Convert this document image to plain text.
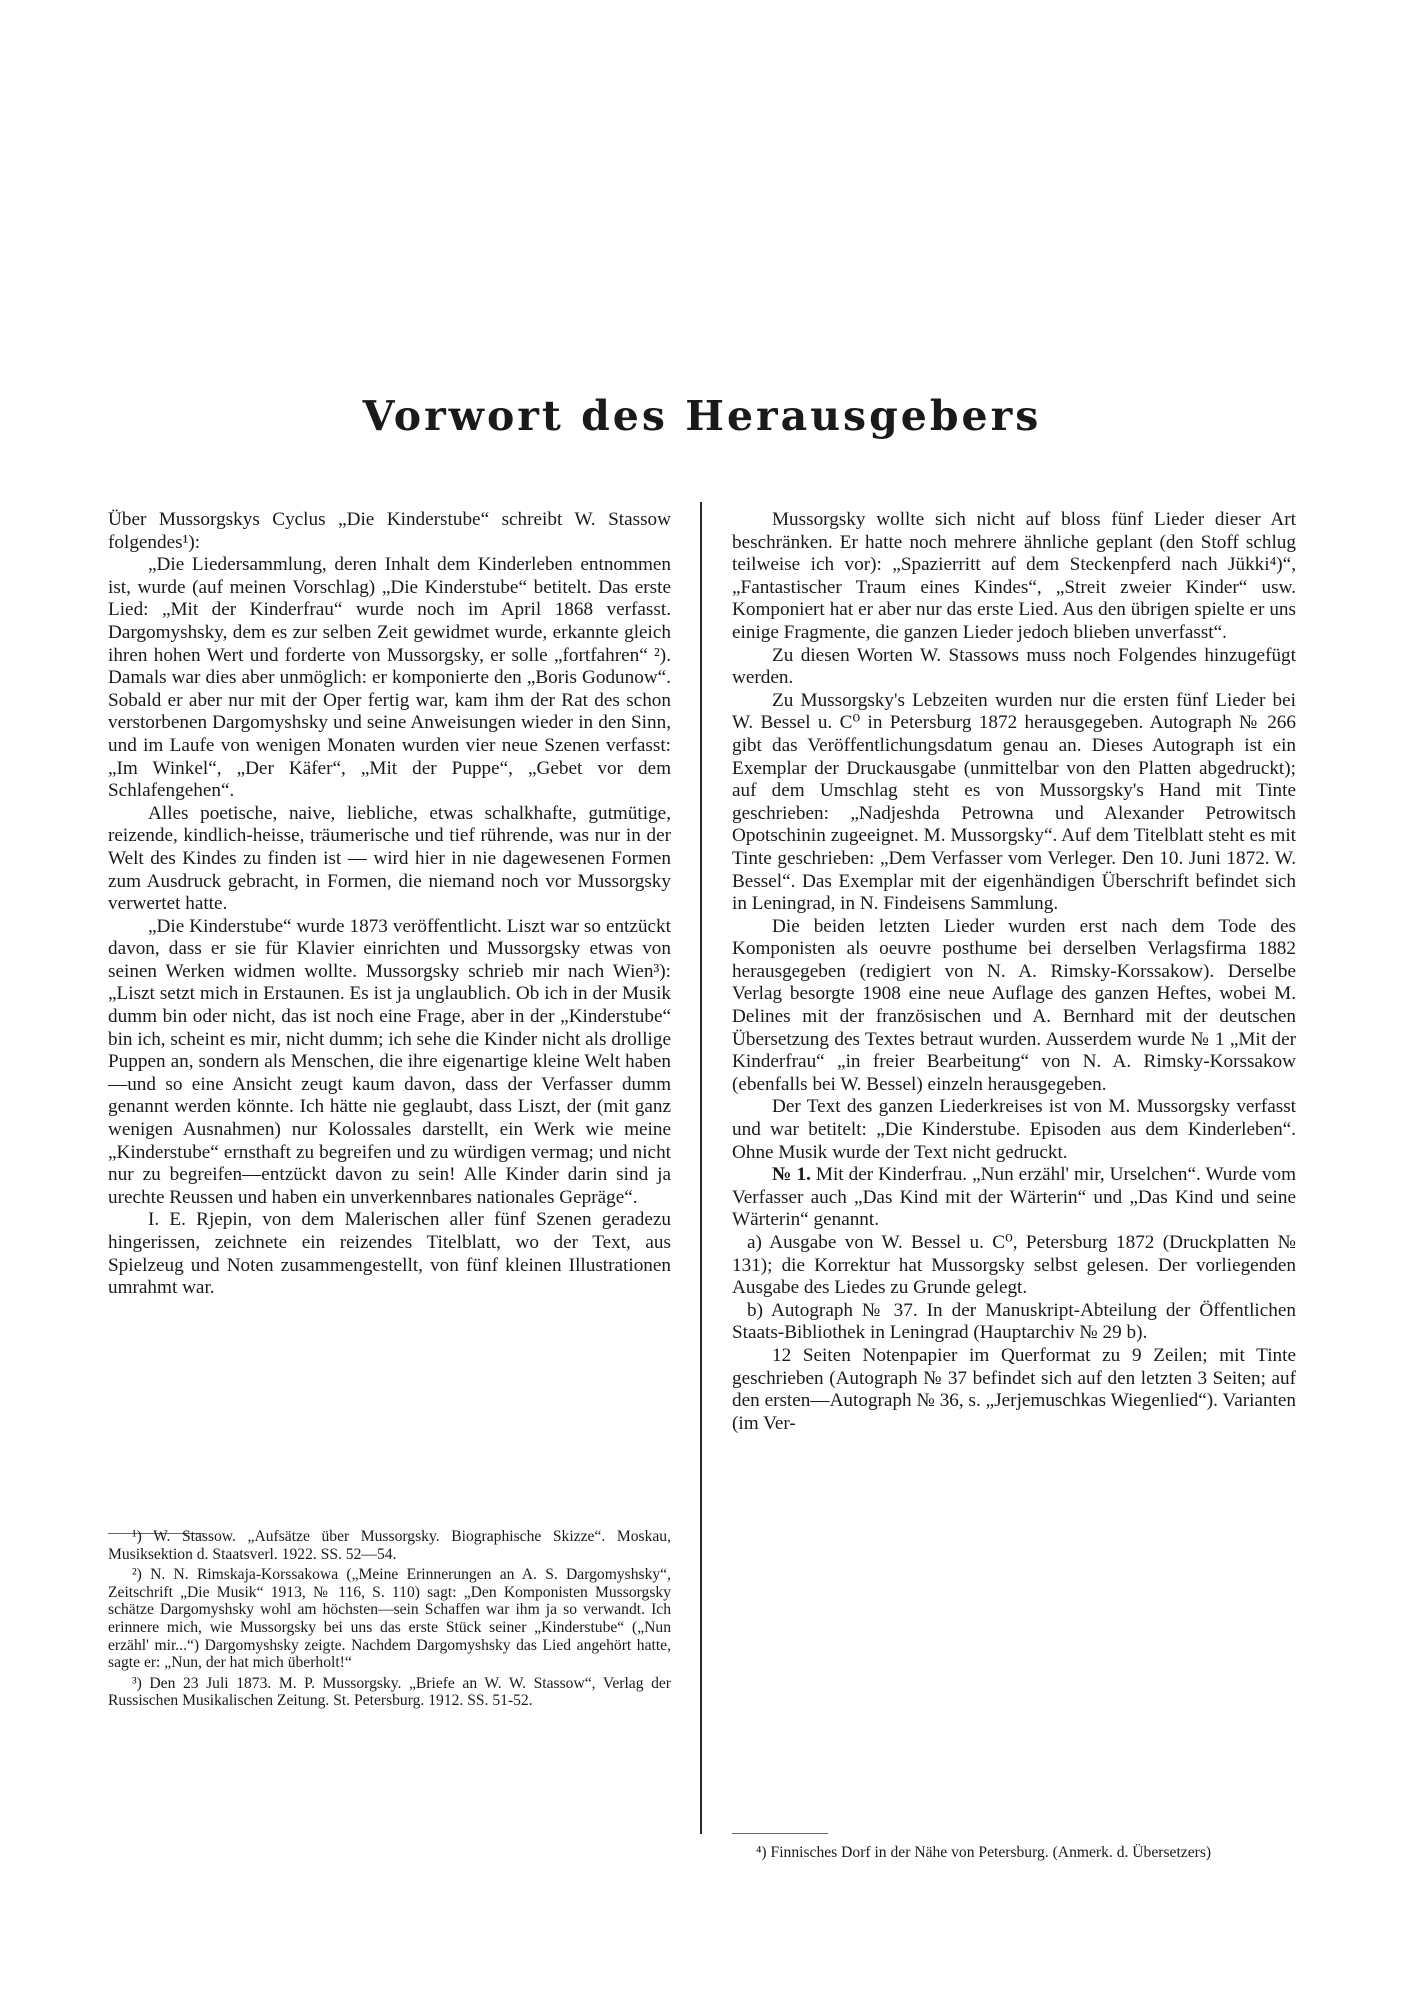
Vorwort des Herausgebers

Über Mussorgskys Cyclus „Die Kinderstube“ schreibt W. Stassow folgendes¹):

„Die Liedersammlung, deren Inhalt dem Kinderleben entnommen ist, wurde (auf meinen Vorschlag) „Die Kinderstube“ betitelt. Das erste Lied: „Mit der Kinderfrau“ wurde noch im April 1868 verfasst. Dargomyshsky, dem es zur selben Zeit gewidmet wurde, erkannte gleich ihren hohen Wert und forderte von Mussorgsky, er solle „fortfahren“ ²). Damals war dies aber unmöglich: er komponierte den „Boris Godunow“. Sobald er aber nur mit der Oper fertig war, kam ihm der Rat des schon verstorbenen Dargomyshsky und seine Anweisungen wieder in den Sinn, und im Laufe von wenigen Monaten wurden vier neue Szenen verfasst: „Im Winkel“, „Der Käfer“, „Mit der Puppe“, „Gebet vor dem Schlafengehen“.

Alles poetische, naive, liebliche, etwas schalkhafte, gutmütige, reizende, kindlich-heisse, träumerische und tief rührende, was nur in der Welt des Kindes zu finden ist — wird hier in nie dagewesenen Formen zum Ausdruck gebracht, in Formen, die niemand noch vor Mussorgsky verwertet hatte.

„Die Kinderstube“ wurde 1873 veröffentlicht. Liszt war so entzückt davon, dass er sie für Klavier einrichten und Mussorgsky etwas von seinen Werken widmen wollte. Mussorgsky schrieb mir nach Wien³): „Liszt setzt mich in Erstaunen. Es ist ja unglaublich. Ob ich in der Musik dumm bin oder nicht, das ist noch eine Frage, aber in der „Kinderstube“ bin ich, scheint es mir, nicht dumm; ich sehe die Kinder nicht als drollige Puppen an, sondern als Menschen, die ihre eigenartige kleine Welt haben—und so eine Ansicht zeugt kaum davon, dass der Verfasser dumm genannt werden könnte. Ich hätte nie geglaubt, dass Liszt, der (mit ganz wenigen Ausnahmen) nur Kolossales darstellt, ein Werk wie meine „Kinderstube“ ernsthaft zu begreifen und zu würdigen vermag; und nicht nur zu begreifen—entzückt davon zu sein! Alle Kinder darin sind ja urechte Reussen und haben ein unverkennbares nationales Gepräge“.

I. E. Rjepin, von dem Malerischen aller fünf Szenen geradezu hingerissen, zeichnete ein reizendes Titelblatt, wo der Text, aus Spielzeug und Noten zusammengestellt, von fünf kleinen Illustrationen umrahmt war.

¹) W. Stassow. „Aufsätze über Mussorgsky. Biographische Skizze“. Moskau, Musiksektion d. Staatsverl. 1922. SS. 52—54.

²) N. N. Rimskaja-Korssakowa („Meine Erinnerungen an A. S. Dargomyshsky“, Zeitschrift „Die Musik“ 1913, № 116, S. 110) sagt: „Den Komponisten Mussorgsky schätze Dargomyshsky wohl am höchsten—sein Schaffen war ihm ja so verwandt. Ich erinnere mich, wie Mussorgsky bei uns das erste Stück seiner „Kinderstube“ („Nun erzähl' mir...“) Dargomyshsky zeigte. Nachdem Dargomyshsky das Lied angehört hatte, sagte er: „Nun, der hat mich überholt!“

³) Den 23 Juli 1873. M. P. Mussorgsky. „Briefe an W. W. Stassow“, Verlag der Russischen Musikalischen Zeitung. St. Petersburg. 1912. SS. 51-52.

Mussorgsky wollte sich nicht auf bloss fünf Lieder dieser Art beschränken. Er hatte noch mehrere ähnliche geplant (den Stoff schlug teilweise ich vor): „Spazierritt auf dem Steckenpferd nach Jükki⁴)“, „Fantastischer Traum eines Kindes“, „Streit zweier Kinder“ usw. Komponiert hat er aber nur das erste Lied. Aus den übrigen spielte er uns einige Fragmente, die ganzen Lieder jedoch blieben unverfasst“.

Zu diesen Worten W. Stassows muss noch Folgendes hinzugefügt werden.

Zu Mussorgsky's Lebzeiten wurden nur die ersten fünf Lieder bei W. Bessel u. C⁰ in Petersburg 1872 herausgegeben. Autograph № 266 gibt das Veröffentlichungsdatum genau an. Dieses Autograph ist ein Exemplar der Druckausgabe (unmittelbar von den Platten abgedruckt); auf dem Umschlag steht es von Mussorgsky's Hand mit Tinte geschrieben: „Nadjeshda Petrowna und Alexander Petrowitsch Opotschinin zugeeignet. M. Mussorgsky“. Auf dem Titelblatt steht es mit Tinte geschrieben: „Dem Verfasser vom Verleger. Den 10. Juni 1872. W. Bessel“. Das Exemplar mit der eigenhändigen Überschrift befindet sich in Leningrad, in N. Findeisens Sammlung.

Die beiden letzten Lieder wurden erst nach dem Tode des Komponisten als oeuvre posthume bei derselben Verlagsfirma 1882 herausgegeben (redigiert von N. A. Rimsky-Korssakow). Derselbe Verlag besorgte 1908 eine neue Auflage des ganzen Heftes, wobei M. Delines mit der französischen und A. Bernhard mit der deutschen Übersetzung des Textes betraut wurden. Ausserdem wurde № 1 „Mit der Kinderfrau“ „in freier Bearbeitung“ von N. A. Rimsky-Korssakow (ebenfalls bei W. Bessel) einzeln herausgegeben.

Der Text des ganzen Liederkreises ist von M. Mussorgsky verfasst und war betitelt: „Die Kinderstube. Episoden aus dem Kinderleben“. Ohne Musik wurde der Text nicht gedruckt.

№ 1. Mit der Kinderfrau. „Nun erzähl' mir, Urselchen“. Wurde vom Verfasser auch „Das Kind mit der Wärterin“ und „Das Kind und seine Wärterin“ genannt.

a) Ausgabe von W. Bessel u. C⁰, Petersburg 1872 (Druckplatten № 131); die Korrektur hat Mussorgsky selbst gelesen. Der vorliegenden Ausgabe des Liedes zu Grunde gelegt.

b) Autograph № 37. In der Manuskript-Abteilung der Öffentlichen Staats-Bibliothek in Leningrad (Hauptarchiv № 29 b).

12 Seiten Notenpapier im Querformat zu 9 Zeilen; mit Tinte geschrieben (Autograph № 37 befindet sich auf den letzten 3 Seiten; auf den ersten—Autograph № 36, s. „Jerjemuschkas Wiegenlied“). Varianten (im Ver-

⁴) Finnisches Dorf in der Nähe von Petersburg. (Anmerk. d. Übersetzers)
